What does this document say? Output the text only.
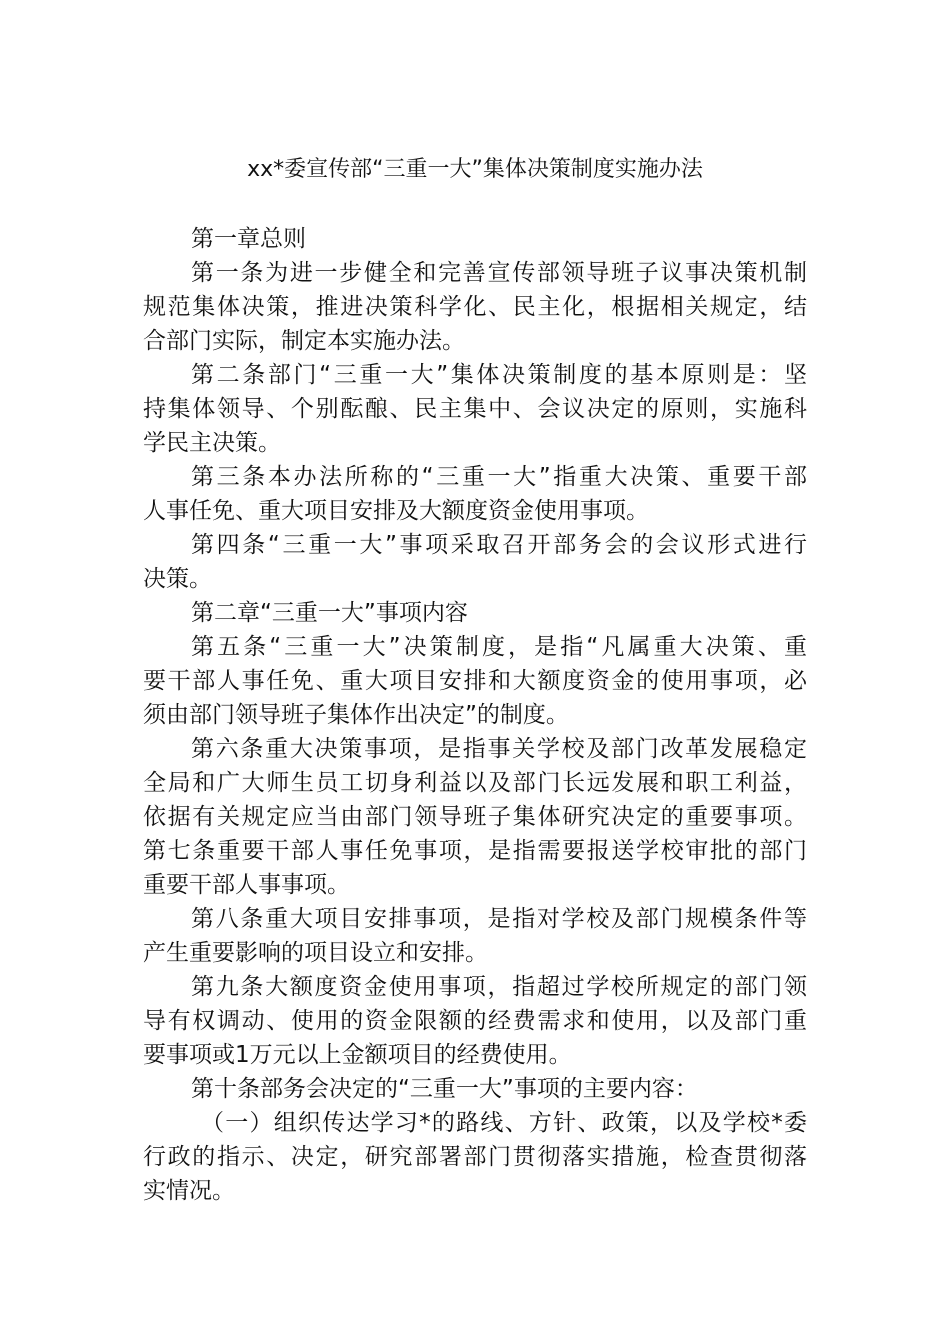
xx*委宣传部“三重一大”集体决策制度实施办法

第一章总则

第一条为进一步健全和完善宣传部领导班子议事决策机制

规范集体决策，推进决策科学化、民主化，根据相关规定，结

合部门实际，制定本实施办法。

第二条部门“三重一大”集体决策制度的基本原则是：坚

持集体领导、个别酝酿、民主集中、会议决定的原则，实施科

学民主决策。

第三条本办法所称的“三重一大”指重大决策、重要干部

人事任免、重大项目安排及大额度资金使用事项。

第四条“三重一大”事项采取召开部务会的会议形式进行

决策。

第二章“三重一大”事项内容

第五条“三重一大”决策制度，是指“凡属重大决策、重

要干部人事任免、重大项目安排和大额度资金的使用事项，必

须由部门领导班子集体作出决定”的制度。

第六条重大决策事项，是指事关学校及部门改革发展稳定

全局和广大师生员工切身利益以及部门长远发展和职工利益，

依据有关规定应当由部门领导班子集体研究决定的重要事项。

第七条重要干部人事任免事项，是指需要报送学校审批的部门

重要干部人事事项。

第八条重大项目安排事项，是指对学校及部门规模条件等

产生重要影响的项目设立和安排。

第九条大额度资金使用事项，指超过学校所规定的部门领

导有权调动、使用的资金限额的经费需求和使用，以及部门重

要事项或1万元以上金额项目的经费使用。

第十条部务会决定的“三重一大”事项的主要内容：

（一）组织传达学习*的路线、方针、政策，以及学校*委

行政的指示、决定，研究部署部门贯彻落实措施，检查贯彻落

实情况。
